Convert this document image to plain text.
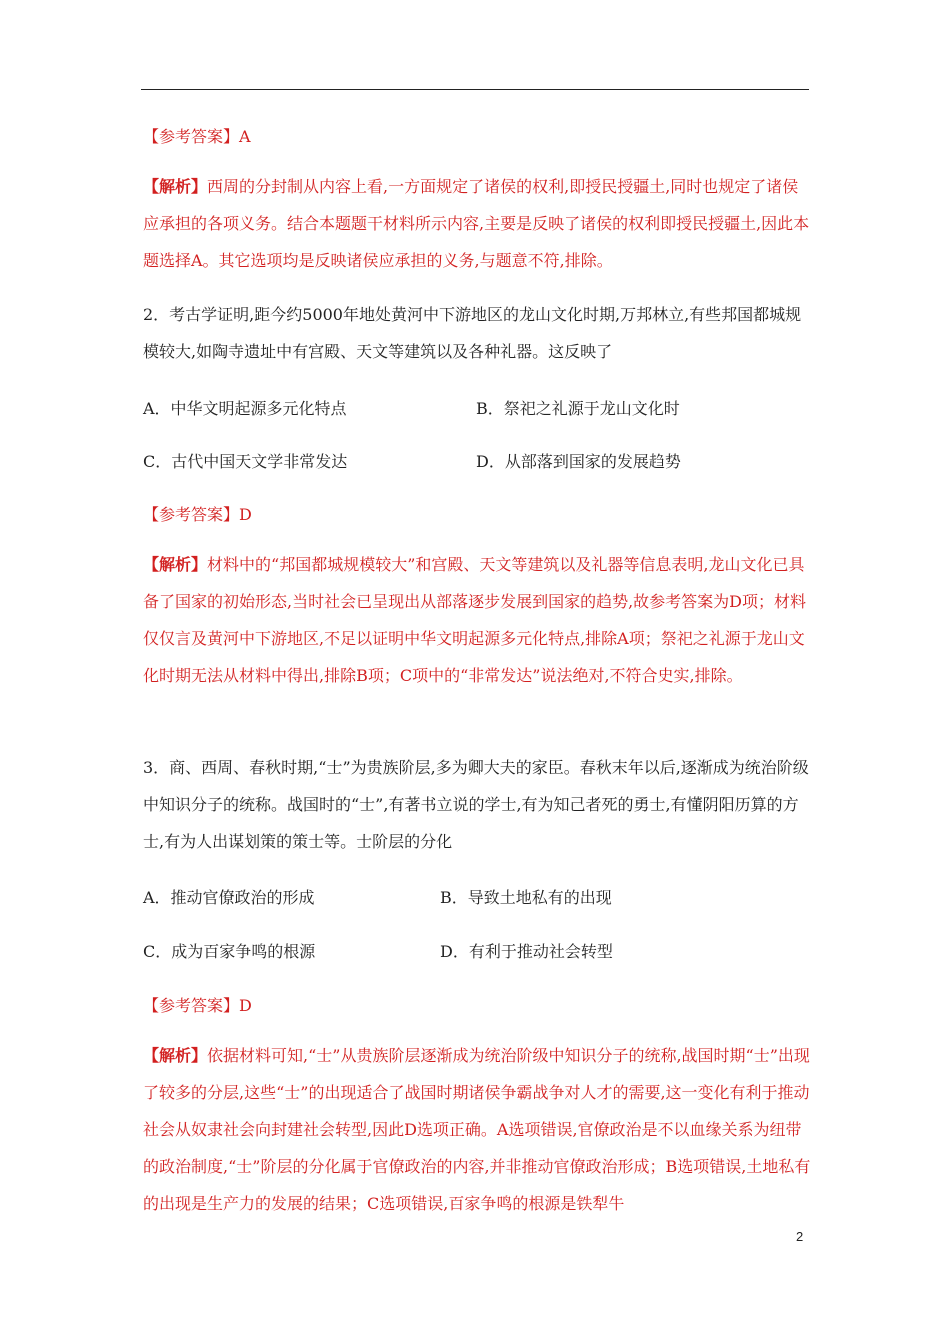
【参考答案】A

【解析】西周的分封制从内容上看,一方面规定了诸侯的权利,即授民授疆土,同时也规定了诸侯应承担的各项义务。结合本题题干材料所示内容,主要是反映了诸侯的权利即授民授疆土,因此本题选择A。其它选项均是反映诸侯应承担的义务,与题意不符,排除。

2．考古学证明,距今约5000年地处黄河中下游地区的龙山文化时期,万邦林立,有些邦国都城规模较大,如陶寺遗址中有宫殿、天文等建筑以及各种礼器。这反映了

A．中华文明起源多元化特点	B．祭祀之礼源于龙山文化时

C．古代中国天文学非常发达	D．从部落到国家的发展趋势

【参考答案】D

【解析】材料中的“邦国都城规模较大”和宫殿、天文等建筑以及礼器等信息表明,龙山文化已具备了国家的初始形态,当时社会已呈现出从部落逐步发展到国家的趋势,故参考答案为D项；材料仅仅言及黄河中下游地区,不足以证明中华文明起源多元化特点,排除A项；祭祀之礼源于龙山文化时期无法从材料中得出,排除B项；C项中的“非常发达”说法绝对,不符合史实,排除。

3．商、西周、春秋时期,“士”为贵族阶层,多为卿大夫的家臣。春秋末年以后,逐渐成为统治阶级中知识分子的统称。战国时的“士”,有著书立说的学士,有为知己者死的勇士,有懂阴阳历算的方士,有为人出谋划策的策士等。士阶层的分化

A．推动官僚政治的形成	B．导致土地私有的出现

C．成为百家争鸣的根源	D．有利于推动社会转型

【参考答案】D

【解析】依据材料可知,“士”从贵族阶层逐渐成为统治阶级中知识分子的统称,战国时期“士”出现了较多的分层,这些“士”的出现适合了战国时期诸侯争霸战争对人才的需要,这一变化有利于推动社会从奴隶社会向封建社会转型,因此D选项正确。A选项错误,官僚政治是不以血缘关系为纽带的政治制度,“士”阶层的分化属于官僚政治的内容,并非推动官僚政治形成；B选项错误,土地私有的出现是生产力的发展的结果；C选项错误,百家争鸣的根源是铁犁牛

2
